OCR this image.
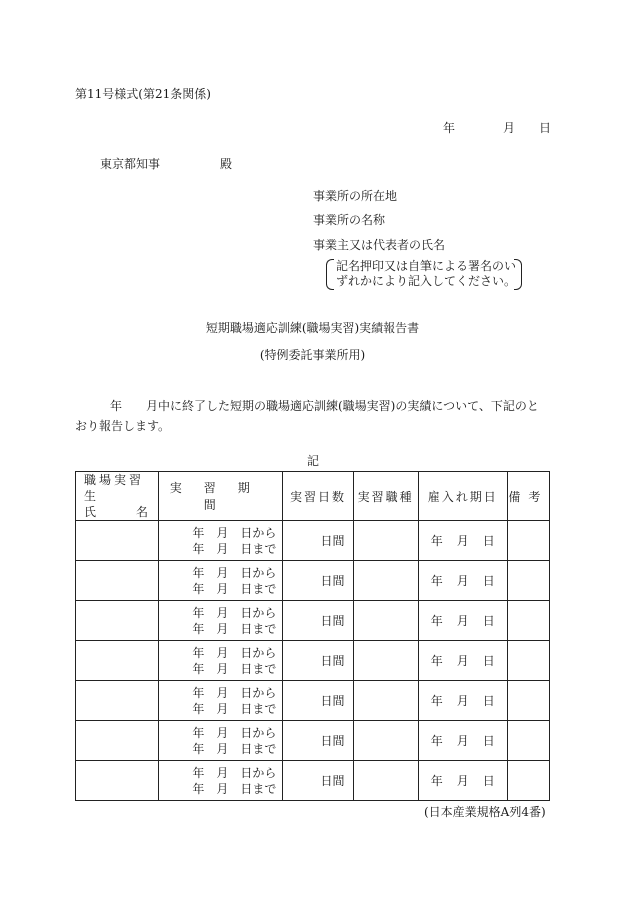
第11号様式(第21条関係)
年	月 日
東京都知事	殿
事業所の所在地
事業所の名称
事業主又は代表者の氏名
記名押印又は自筆による署名のい
ずれかにより記入してください。
短期職場適応訓練(職場実習)実績報告書
(特例委託事業所用)
年　　月中に終了した短期の職場適応訓練(職場実習)の実績について、下記のと
おり報告します。
記
職場実習生
氏 名	実習期間	実習日数	実習職種	雇入れ期日	備考

	年　月　日から
年　月　日まで	日間		年 月 日	

	年　月　日から
年　月　日まで	日間		年 月 日	

	年　月　日から
年　月　日まで	日間		年 月 日	

	年　月　日から
年　月　日まで	日間		年 月 日	

	年　月　日から
年　月　日まで	日間		年 月 日	

	年　月　日から
年　月　日まで	日間		年 月 日	

	年　月　日から
年　月　日まで	日間		年 月 日	
(日本産業規格A列4番)
